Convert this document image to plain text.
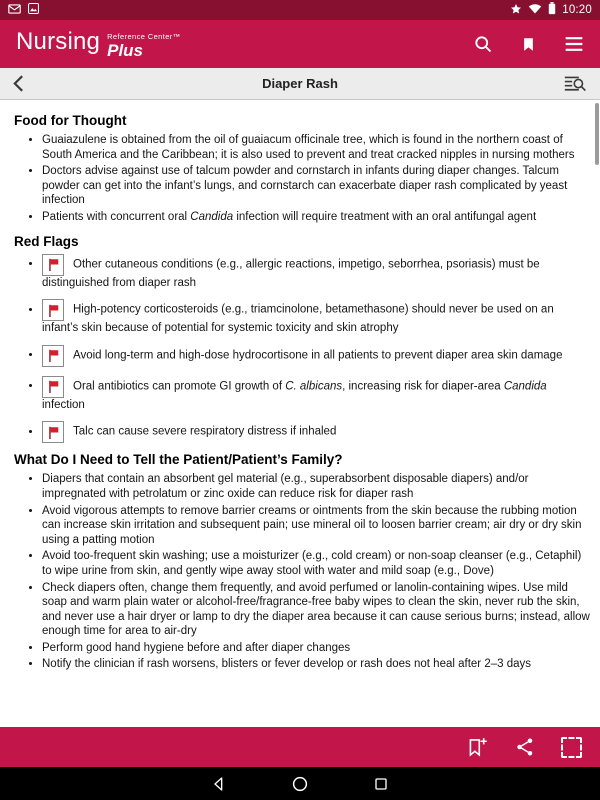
10:20
Nursing Reference Center™
Plus
Diaper Rash
Food for Thought
• Guaiazulene is obtained from the oil of guaiacum officinale tree, which is found in the northern coast of South America and the Caribbean; it is also used to prevent and treat cracked nipples in nursing mothers
• Doctors advise against use of talcum powder and cornstarch in infants during diaper changes. Talcum powder can get into the infant’s lungs, and cornstarch can exacerbate diaper rash complicated by yeast infection
• Patients with concurrent oral Candida infection will require treatment with an oral antifungal agent
Red Flags
• Other cutaneous conditions (e.g., allergic reactions, impetigo, seborrhea, psoriasis) must be distinguished from diaper rash
• High-potency corticosteroids (e.g., triamcinolone, betamethasone) should never be used on an infant’s skin because of potential for systemic toxicity and skin atrophy
• Avoid long-term and high-dose hydrocortisone in all patients to prevent diaper area skin damage
• Oral antibiotics can promote GI growth of C. albicans, increasing risk for diaper-area Candida infection
• Talc can cause severe respiratory distress if inhaled
What Do I Need to Tell the Patient/Patient’s Family?
• Diapers that contain an absorbent gel material (e.g., superabsorbent disposable diapers) and/or impregnated with petrolatum or zinc oxide can reduce risk for diaper rash
• Avoid vigorous attempts to remove barrier creams or ointments from the skin because the rubbing motion can increase skin irritation and subsequent pain; use mineral oil to loosen barrier cream; air dry or dry skin using a patting motion
• Avoid too-frequent skin washing; use a moisturizer (e.g., cold cream) or non-soap cleanser (e.g., Cetaphil) to wipe urine from skin, and gently wipe away stool with water and mild soap (e.g., Dove)
• Check diapers often, change them frequently, and avoid perfumed or lanolin-containing wipes. Use mild soap and warm plain water or alcohol-free/fragrance-free baby wipes to clean the skin, never rub the skin, and never use a hair dryer or lamp to dry the diaper area because it can cause serious burns; instead, allow enough time for area to air-dry
• Perform good hand hygiene before and after diaper changes
• Notify the clinician if rash worsens, blisters or fever develop or rash does not heal after 2–3 days
